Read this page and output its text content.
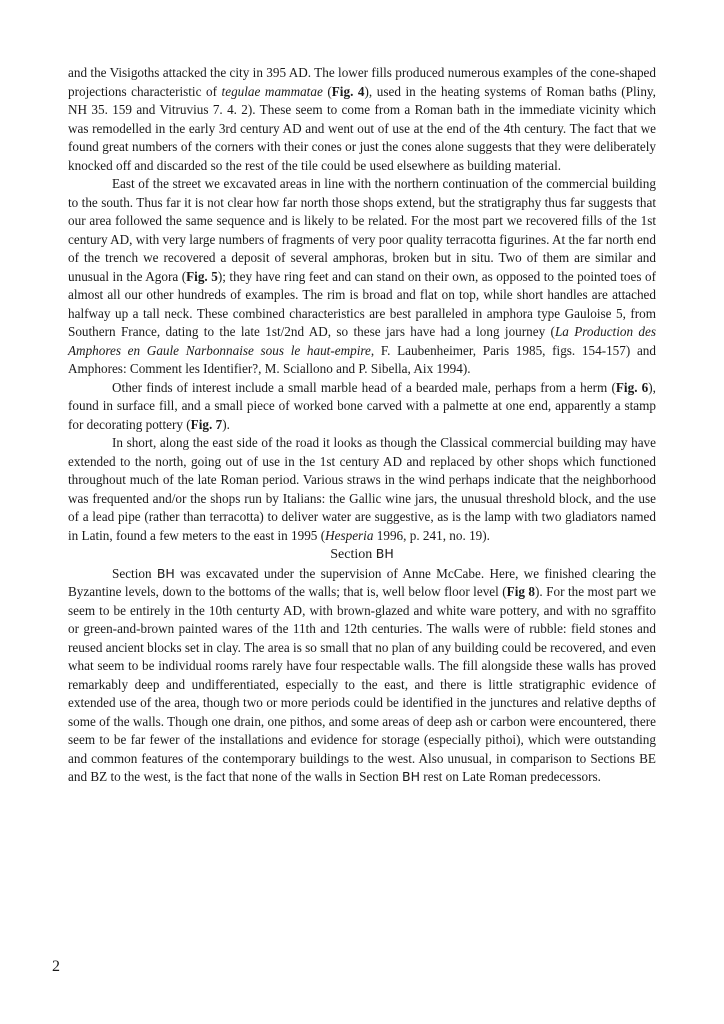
and the Visigoths attacked the city in 395 AD. The lower fills produced numerous examples of the cone-shaped projections characteristic of tegulae mammatae (Fig. 4), used in the heating systems of Roman baths (Pliny, NH 35. 159 and Vitruvius 7. 4. 2). These seem to come from a Roman bath in the immediate vicinity which was remodelled in the early 3rd century AD and went out of use at the end of the 4th century. The fact that we found great numbers of the corners with their cones or just the cones alone suggests that they were deliberately knocked off and discarded so the rest of the tile could be used elsewhere as building material.

East of the street we excavated areas in line with the northern continuation of the commercial building to the south. Thus far it is not clear how far north those shops extend, but the stratigraphy thus far suggests that our area followed the same sequence and is likely to be related. For the most part we recovered fills of the 1st century AD, with very large numbers of fragments of very poor quality terracotta figurines. At the far north end of the trench we recovered a deposit of several amphoras, broken but in situ. Two of them are similar and unusual in the Agora (Fig. 5); they have ring feet and can stand on their own, as opposed to the pointed toes of almost all our other hundreds of examples. The rim is broad and flat on top, while short handles are attached halfway up a tall neck. These combined characteristics are best paralleled in amphora type Gauloise 5, from Southern France, dating to the late 1st/2nd AD, so these jars have had a long journey (La Production des Amphores en Gaule Narbonnaise sous le haut-empire, F. Laubenheimer, Paris 1985, figs. 154-157) and Amphores: Comment les Identifier?, M. Sciallono and P. Sibella, Aix 1994).

Other finds of interest include a small marble head of a bearded male, perhaps from a herm (Fig. 6), found in surface fill, and a small piece of worked bone carved with a palmette at one end, apparently a stamp for decorating pottery (Fig. 7).

In short, along the east side of the road it looks as though the Classical commercial building may have extended to the north, going out of use in the 1st century AD and replaced by other shops which functioned throughout much of the late Roman period. Various straws in the wind perhaps indicate that the neighborhood was frequented and/or the shops run by Italians: the Gallic wine jars, the unusual threshold block, and the use of a lead pipe (rather than terracotta) to deliver water are suggestive, as is the lamp with two gladiators named in Latin, found a few meters to the east in 1995 (Hesperia 1996, p. 241, no. 19).

Section BH

Section BH was excavated under the supervision of Anne McCabe. Here, we finished clearing the Byzantine levels, down to the bottoms of the walls; that is, well below floor level (Fig 8). For the most part we seem to be entirely in the 10th centurty AD, with brown-glazed and white ware pottery, and with no sgraffito or green-and-brown painted wares of the 11th and 12th centuries. The walls were of rubble: field stones and reused ancient blocks set in clay. The area is so small that no plan of any building could be recovered, and even what seem to be individual rooms rarely have four respectable walls. The fill alongside these walls has proved remarkably deep and undifferentiated, especially to the east, and there is little stratigraphic evidence of extended use of the area, though two or more periods could be identified in the junctures and relative depths of some of the walls. Though one drain, one pithos, and some areas of deep ash or carbon were encountered, there seem to be far fewer of the installations and evidence for storage (especially pithoi), which were outstanding and common features of the contemporary buildings to the west. Also unusual, in comparison to Sections BE and BZ to the west, is the fact that none of the walls in Section BH rest on Late Roman predecessors.

2
